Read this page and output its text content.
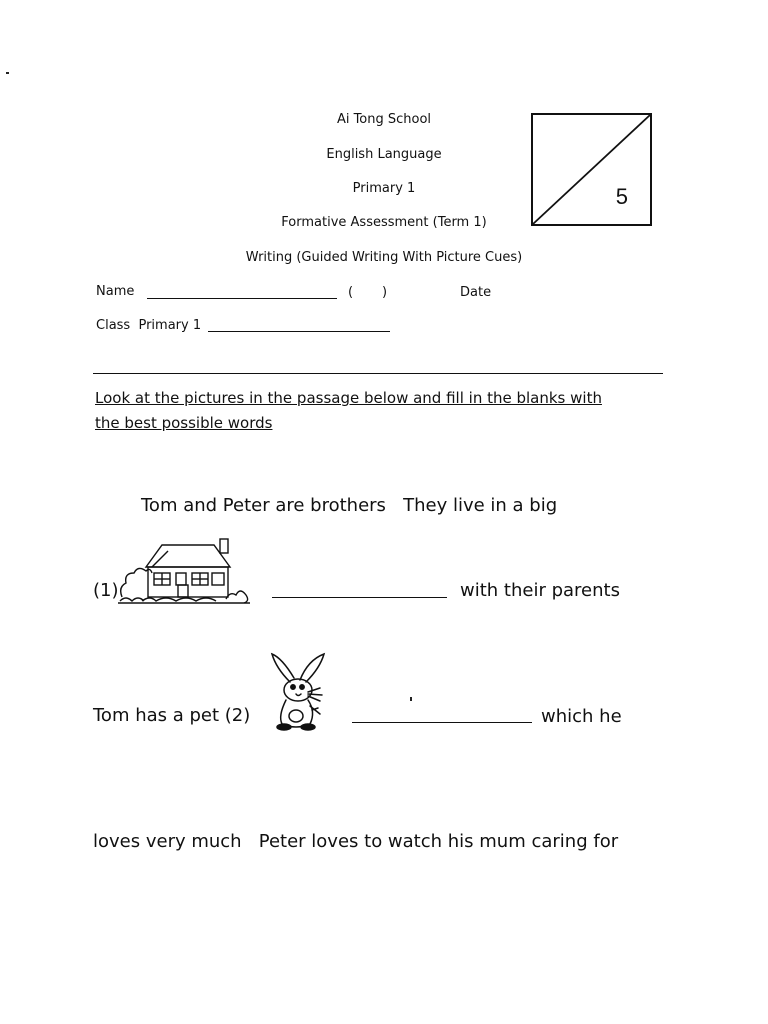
Ai Tong School
English Language
Primary 1
Formative Assessment (Term 1)
Writing (Guided Writing With Picture Cues)
5
Name	(       )	Date
Class  Primary 1
Look at the pictures in the passage below and fill in the blanks with
the best possible words
Tom and Peter are brothers   They live in a big
(1)	with their parents
Tom has a pet (2)	which he
loves very much   Peter loves to watch his mum caring for
